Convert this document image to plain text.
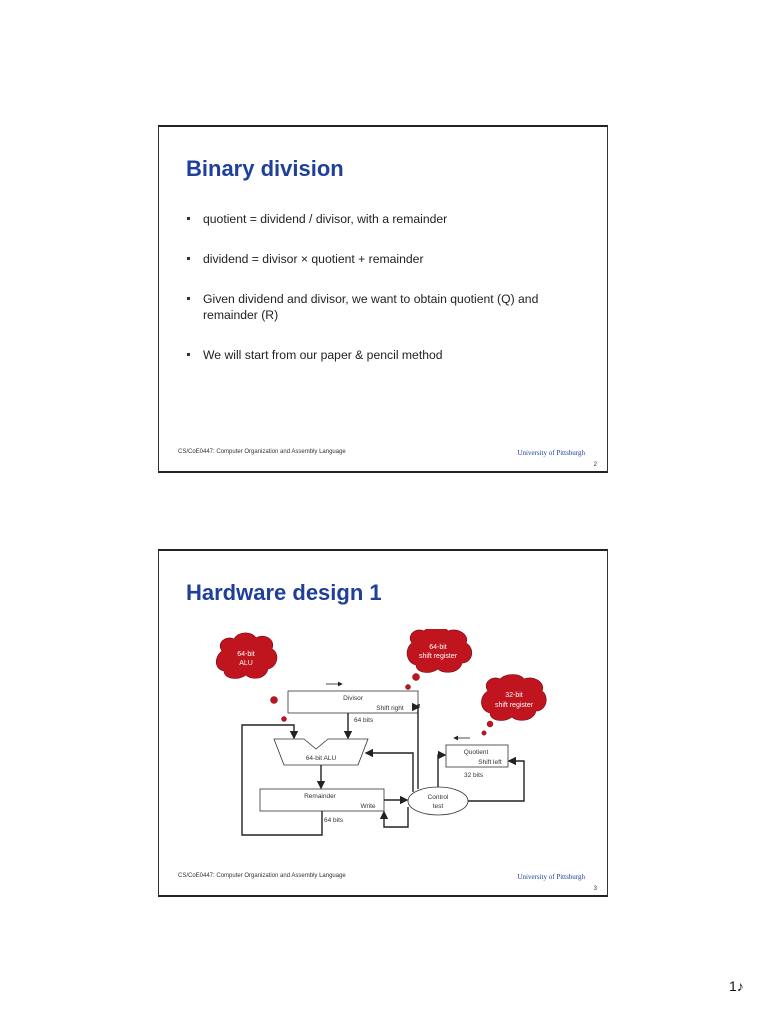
Binary division
quotient = dividend / divisor, with a remainder
dividend = divisor × quotient + remainder
Given dividend and divisor, we want to obtain quotient (Q) and remainder (R)
We will start from our paper & pencil method
CS/CoE0447: Computer Organization and Assembly Language	University of Pittsburgh
2
Hardware design 1
Divisor
Shift right
64 bits
64-bit ALU
Remainder
Write
64 bits
Quotient
Shift left
32 bits
Control
test
64-bit
ALU
64-bit
shift register
32-bit
shift register
CS/CoE0447: Computer Organization and Assembly Language	University of Pittsburgh
3
1♪
